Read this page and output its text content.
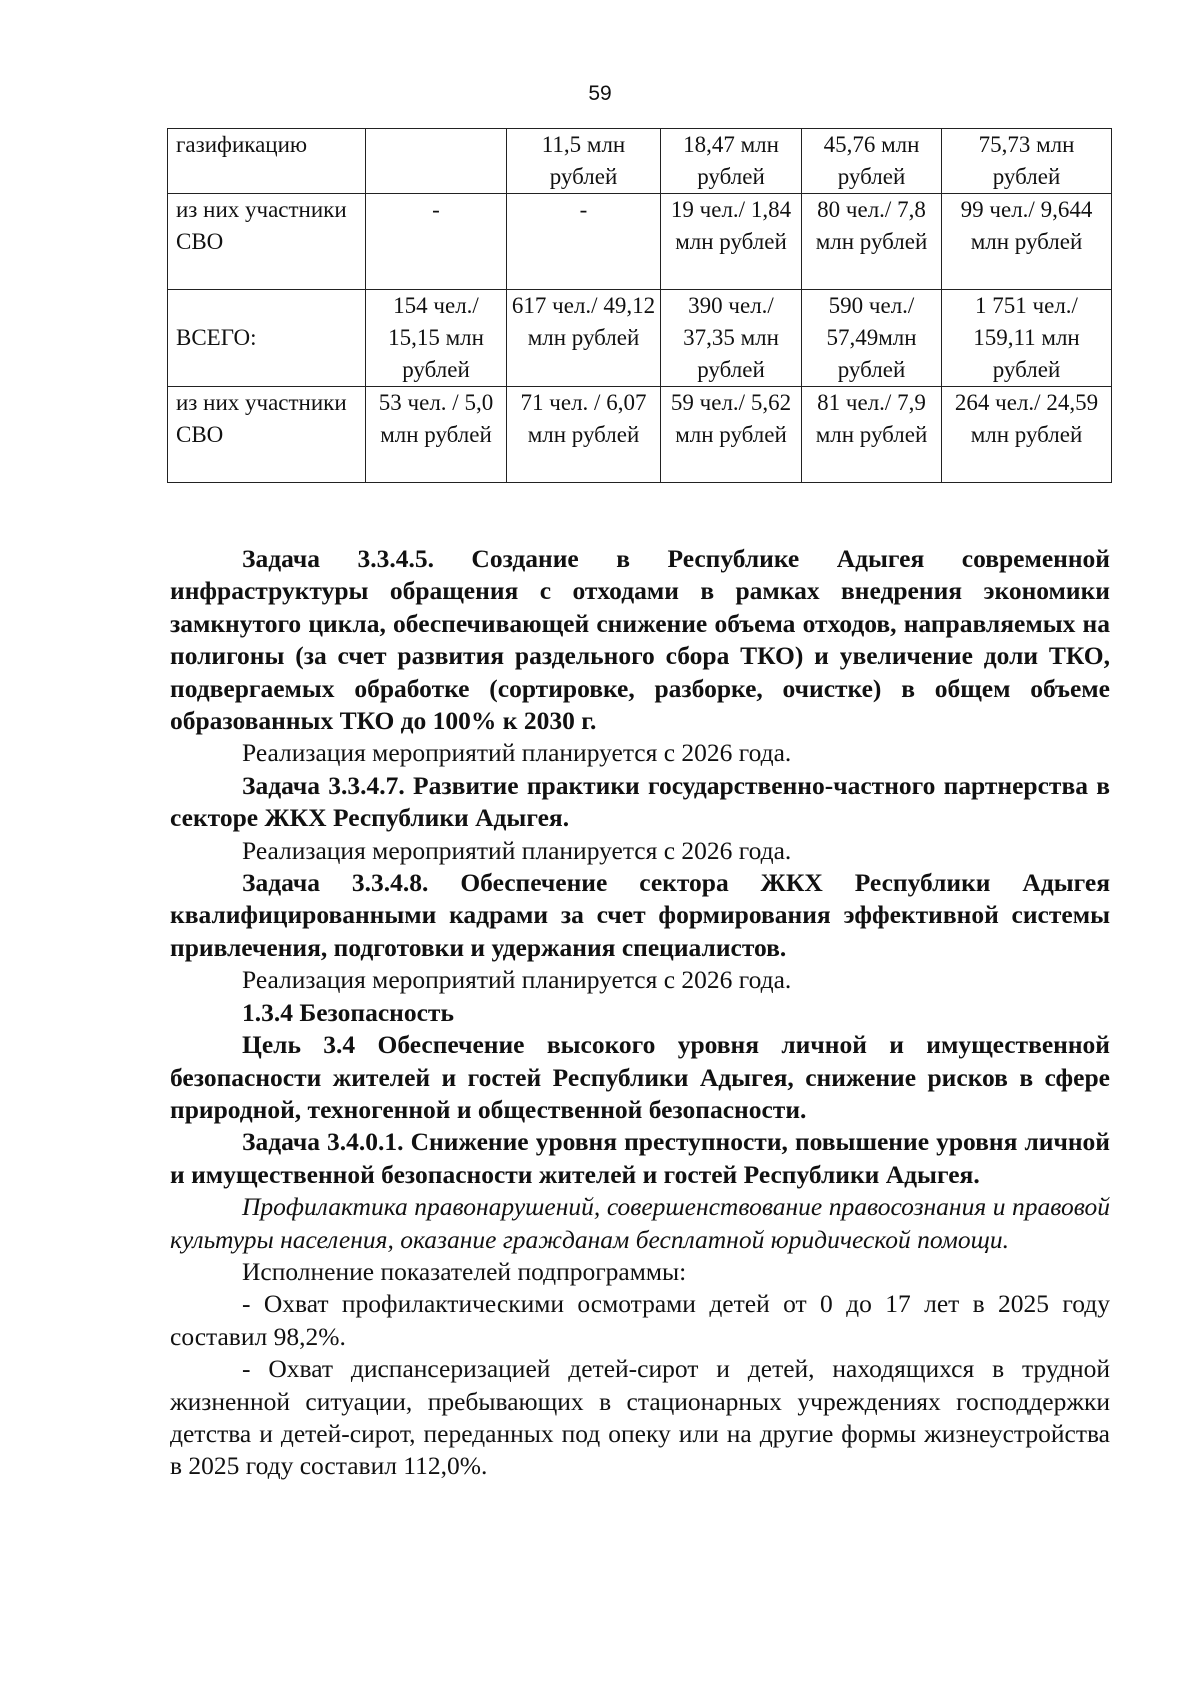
59
газификацию		11,5 млн рублей	18,47 млн рублей	45,76 млн рублей	75,73 млн рублей
из них участники СВО	-	-	19 чел./ 1,84 млн рублей	80 чел./ 7,8 млн рублей	99 чел./ 9,644 млн рублей
ВСЕГО:	154 чел./ 15,15 млн рублей	617 чел./ 49,12 млн рублей	390 чел./ 37,35 млн рублей	590 чел./ 57,49млн рублей	1 751 чел./ 159,11 млн рублей
из них участники СВО	53 чел. / 5,0 млн рублей	71 чел. / 6,07 млн рублей	59 чел./ 5,62 млн рублей	81 чел./ 7,9 млн рублей	264 чел./ 24,59 млн рублей

Задача 3.3.4.5. Создание в Республике Адыгея современной инфраструктуры обращения с отходами в рамках внедрения экономики замкнутого цикла, обеспечивающей снижение объема отходов, направляемых на полигоны (за счет развития раздельного сбора ТКО) и увеличение доли ТКО, подвергаемых обработке (сортировке, разборке, очистке) в общем объеме образованных ТКО до 100% к 2030 г.

Реализация мероприятий планируется с 2026 года.

Задача 3.3.4.7. Развитие практики государственно-частного партнерства в секторе ЖКХ Республики Адыгея.

Реализация мероприятий планируется с 2026 года.

Задача 3.3.4.8. Обеспечение сектора ЖКХ Республики Адыгея квалифицированными кадрами за счет формирования эффективной системы привлечения, подготовки и удержания специалистов.

Реализация мероприятий планируется с 2026 года.

1.3.4 Безопасность

Цель 3.4 Обеспечение высокого уровня личной и имущественной безопасности жителей и гостей Республики Адыгея, снижение рисков в сфере природной, техногенной и общественной безопасности.

Задача 3.4.0.1. Снижение уровня преступности, повышение уровня личной и имущественной безопасности жителей и гостей Республики Адыгея.

Профилактика правонарушений, совершенствование правосознания и правовой культуры населения, оказание гражданам бесплатной юридической помощи.

Исполнение показателей подпрограммы:

- Охват профилактическими осмотрами детей от 0 до 17 лет в 2025 году составил 98,2%.

- Охват диспансеризацией детей-сирот и детей, находящихся в трудной жизненной ситуации, пребывающих в стационарных учреждениях господдержки детства и детей-сирот, переданных под опеку или на другие формы жизнеустройства в 2025 году составил 112,0%.
